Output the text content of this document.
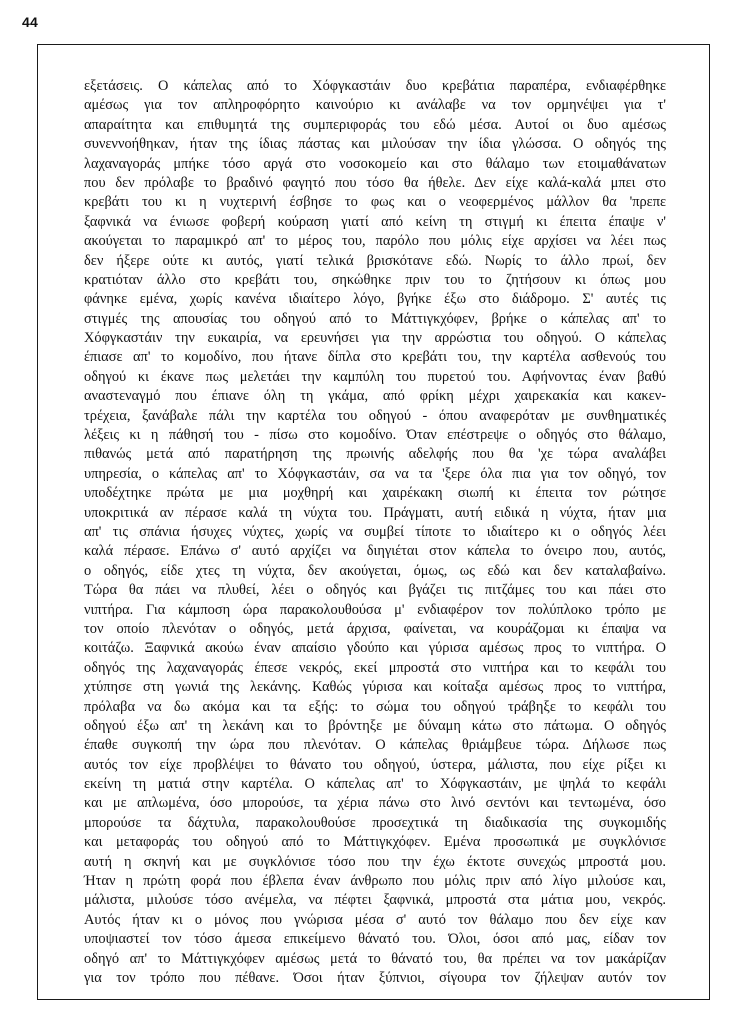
44
εξετάσεις. Ο κάπελας από το Χόφγκαστάιν δυο κρεβάτια παραπέρα, ενδιαφέρθηκε
αμέσως για τον απληροφόρητο καινούριο κι ανάλαβε να τον ορμηνέψει για τ'
απαραίτητα και επιθυμητά της συμπεριφοράς του εδώ μέσα. Αυτοί οι δυο αμέσως
συνεννοήθηκαν, ήταν της ίδιας πάστας και μιλούσαν την ίδια γλώσσα. Ο οδηγός της
λαχαναγοράς μπήκε τόσο αργά στο νοσοκομείο και στο θάλαμο των ετοιμαθάνατων
που δεν πρόλαβε το βραδινό φαγητό που τόσο θα ήθελε. Δεν είχε καλά-καλά μπει στο
κρεβάτι του κι η νυχτερινή έσβησε το φως και ο νεοφερμένος μάλλον θα 'πρεπε
ξαφνικά να ένιωσε φοβερή κούραση γιατί από κείνη τη στιγμή κι έπειτα έπαψε ν'
ακούγεται το παραμικρό απ' το μέρος του, παρόλο που μόλις είχε αρχίσει να λέει πως
δεν ήξερε ούτε κι αυτός, γιατί τελικά βρισκότανε εδώ. Νωρίς το άλλο πρωί, δεν
κρατιόταν άλλο στο κρεβάτι του, σηκώθηκε πριν του το ζητήσουν κι όπως μου
φάνηκε εμένα, χωρίς κανένα ιδιαίτερο λόγο, βγήκε έξω στο διάδρομο. Σ' αυτές τις
στιγμές της απουσίας του οδηγού από το Μάττιγκχόφεν, βρήκε ο κάπελας απ' το
Χόφγκαστάιν την ευκαιρία, να ερευνήσει για την αρρώστια του οδηγού. Ο κάπελας
έπιασε απ' το κομοδίνο, που ήτανε δίπλα στο κρεβάτι του, την καρτέλα ασθενούς του
οδηγού κι έκανε πως μελετάει την καμπύλη του πυρετού του. Αφήνοντας έναν βαθύ
αναστεναγμό που έπιανε όλη τη γκάμα, από φρίκη μέχρι χαιρεκακία και κακεν-
τρέχεια, ξανάβαλε πάλι την καρτέλα του οδηγού - όπου αναφερόταν με συνθηματικές
λέξεις κι η πάθησή του - πίσω στο κομοδίνο. Όταν επέστρεψε ο οδηγός στο θάλαμο,
πιθανώς μετά από παρατήρηση της πρωινής αδελφής που θα 'χε τώρα αναλάβει
υπηρεσία, ο κάπελας απ' το Χόφγκαστάιν, σα να τα 'ξερε όλα πια για τον οδηγό, τον
υποδέχτηκε πρώτα με μια μοχθηρή και χαιρέκακη σιωπή κι έπειτα τον ρώτησε
υποκριτικά αν πέρασε καλά τη νύχτα του. Πράγματι, αυτή ειδικά η νύχτα, ήταν μια
απ' τις σπάνια ήσυχες νύχτες, χωρίς να συμβεί τίποτε το ιδιαίτερο κι ο οδηγός λέει
καλά πέρασε. Επάνω σ' αυτό αρχίζει να διηγιέται στον κάπελα το όνειρο που, αυτός,
ο οδηγός, είδε χτες τη νύχτα, δεν ακούγεται, όμως, ως εδώ και δεν καταλαβαίνω.
Τώρα θα πάει να πλυθεί, λέει ο οδηγός και βγάζει τις πιτζάμες του και πάει στο
νιπτήρα. Για κάμποση ώρα παρακολουθούσα μ' ενδιαφέρον τον πολύπλοκο τρόπο με
τον οποίο πλενόταν ο οδηγός, μετά άρχισα, φαίνεται, να κουράζομαι κι έπαψα να
κοιτάζω. Ξαφνικά ακούω έναν απαίσιο γδούπο και γύρισα αμέσως προς το νιπτήρα. Ο
οδηγός της λαχαναγοράς έπεσε νεκρός, εκεί μπροστά στο νιπτήρα και το κεφάλι του
χτύπησε στη γωνιά της λεκάνης. Καθώς γύρισα και κοίταξα αμέσως προς το νιπτήρα,
πρόλαβα να δω ακόμα και τα εξής: το σώμα του οδηγού τράβηξε το κεφάλι του
οδηγού έξω απ' τη λεκάνη και το βρόντηξε με δύναμη κάτω στο πάτωμα. Ο οδηγός
έπαθε συγκοπή την ώρα που πλενόταν. Ο κάπελας θριάμβευε τώρα. Δήλωσε πως
αυτός τον είχε προβλέψει το θάνατο του οδηγού, ύστερα, μάλιστα, που είχε ρίξει κι
εκείνη τη ματιά στην καρτέλα. Ο κάπελας απ' το Χόφγκαστάιν, με ψηλά το κεφάλι
και με απλωμένα, όσο μπορούσε, τα χέρια πάνω στο λινό σεντόνι και τεντωμένα, όσο
μπορούσε τα δάχτυλα, παρακολουθούσε προσεχτικά τη διαδικασία της συγκομιδής
και μεταφοράς του οδηγού από το Μάττιγκχόφεν. Εμένα προσωπικά με συγκλόνισε
αυτή η σκηνή και με συγκλόνισε τόσο που την έχω έκτοτε συνεχώς μπροστά μου.
Ήταν η πρώτη φορά που έβλεπα έναν άνθρωπο που μόλις πριν από λίγο μιλούσε και,
μάλιστα, μιλούσε τόσο ανέμελα, να πέφτει ξαφνικά, μπροστά στα μάτια μου, νεκρός.
Αυτός ήταν κι ο μόνος που γνώρισα μέσα σ' αυτό τον θάλαμο που δεν είχε καν
υποψιαστεί τον τόσο άμεσα επικείμενο θάνατό του. Όλοι, όσοι από μας, είδαν τον
οδηγό απ' το Μάττιγκχόφεν αμέσως μετά το θάνατό του, θα πρέπει να τον μακάρίζαν
για τον τρόπο που πέθανε. Όσοι ήταν ξύπνιοι, σίγουρα τον ζήλεψαν αυτόν τον
